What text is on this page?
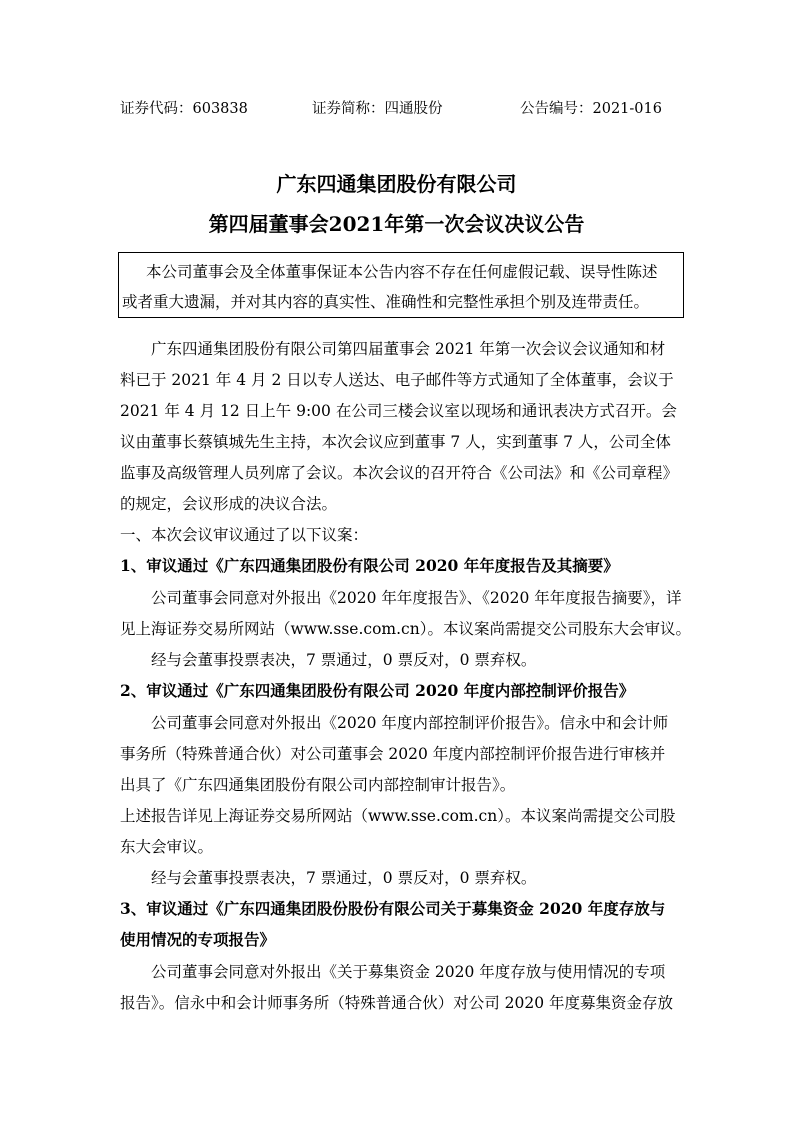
证券代码：603838	证券简称：四通股份	公告编号：2021-016
广东四通集团股份有限公司
第四届董事会2021年第一次会议决议公告
本公司董事会及全体董事保证本公告内容不存在任何虚假记载、误导性陈述
或者重大遗漏，并对其内容的真实性、准确性和完整性承担个别及连带责任。
广东四通集团股份有限公司第四届董事会 2021 年第一次会议会议通知和材
料已于 2021 年 4 月 2 日以专人送达、电子邮件等方式通知了全体董事，会议于
2021 年 4 月 12 日上午 9:00 在公司三楼会议室以现场和通讯表决方式召开。会
议由董事长蔡镇城先生主持，本次会议应到董事 7 人，实到董事 7 人，公司全体
监事及高级管理人员列席了会议。本次会议的召开符合《公司法》和《公司章程》
的规定，会议形成的决议合法。
一、本次会议审议通过了以下议案：
1、审议通过《广东四通集团股份有限公司 2020 年年度报告及其摘要》
公司董事会同意对外报出《2020 年年度报告》、《2020 年年度报告摘要》，详
见上海证券交易所网站（www.sse.com.cn）。本议案尚需提交公司股东大会审议。
经与会董事投票表决，7 票通过，0 票反对，0 票弃权。
2、审议通过《广东四通集团股份有限公司 2020 年度内部控制评价报告》
公司董事会同意对外报出《2020 年度内部控制评价报告》。信永中和会计师
事务所（特殊普通合伙）对公司董事会 2020 年度内部控制评价报告进行审核并
出具了《广东四通集团股份有限公司内部控制审计报告》。
上述报告详见上海证券交易所网站（www.sse.com.cn）。本议案尚需提交公司股
东大会审议。
经与会董事投票表决，7 票通过，0 票反对，0 票弃权。
3、审议通过《广东四通集团股份股份有限公司关于募集资金 2020 年度存放与
使用情况的专项报告》
公司董事会同意对外报出《关于募集资金 2020 年度存放与使用情况的专项
报告》。信永中和会计师事务所（特殊普通合伙）对公司 2020 年度募集资金存放
